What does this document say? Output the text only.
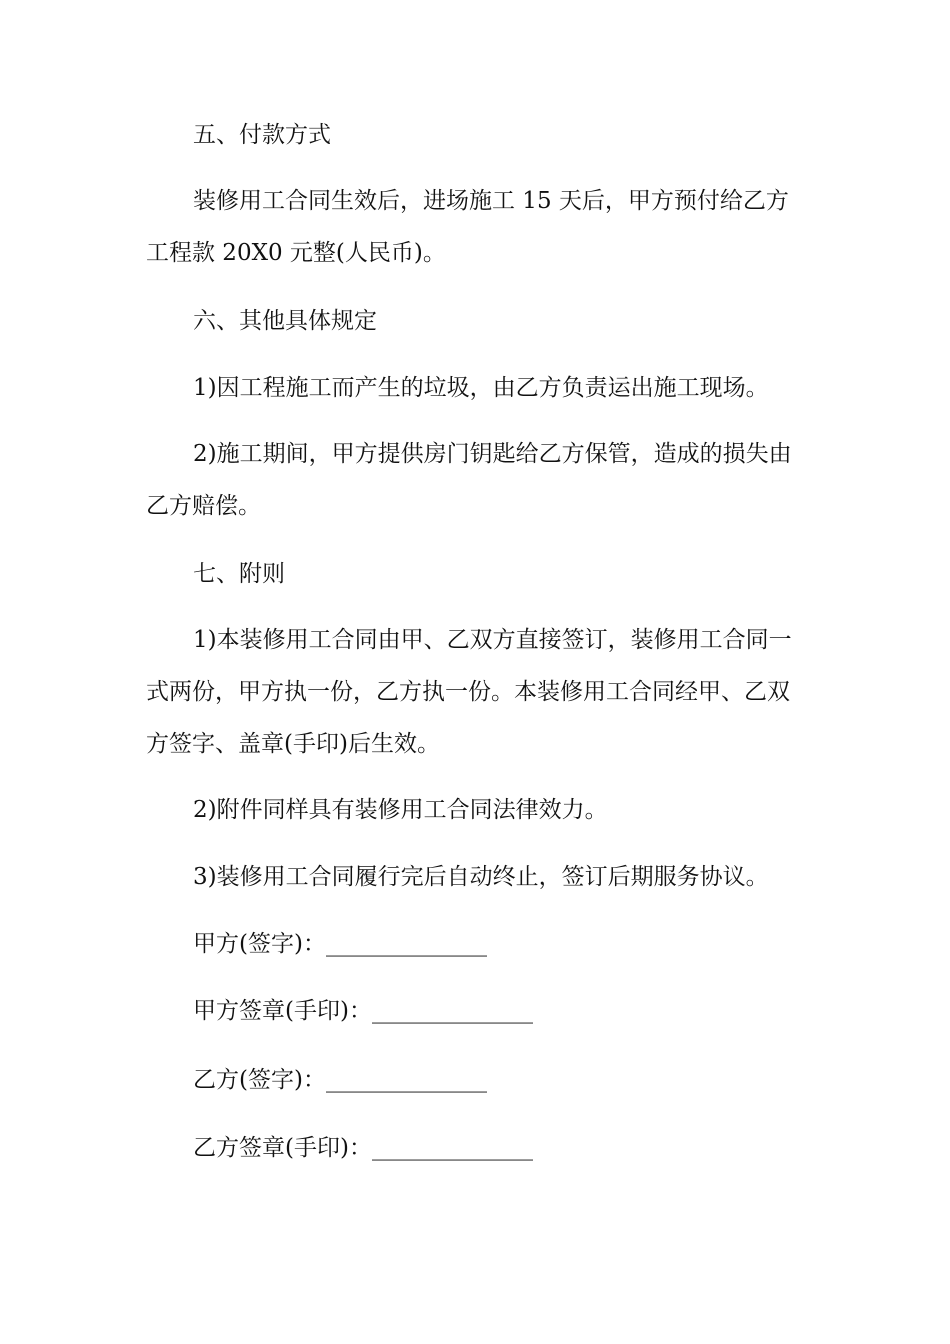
五、付款方式
装修用工合同生效后，进场施工 15 天后，甲方预付给乙方
工程款 20X0 元整(人民币)。
六、其他具体规定
1)因工程施工而产生的垃圾，由乙方负责运出施工现场。
2)施工期间，甲方提供房门钥匙给乙方保管，造成的损失由
乙方赔偿。
七、附则
1)本装修用工合同由甲、乙双方直接签订，装修用工合同一
式两份，甲方执一份，乙方执一份。本装修用工合同经甲、乙双
方签字、盖章(手印)后生效。
2)附件同样具有装修用工合同法律效力。
3)装修用工合同履行完后自动终止，签订后期服务协议。
甲方(签字)：______________
甲方签章(手印)：______________
乙方(签字)：______________
乙方签章(手印)：______________
